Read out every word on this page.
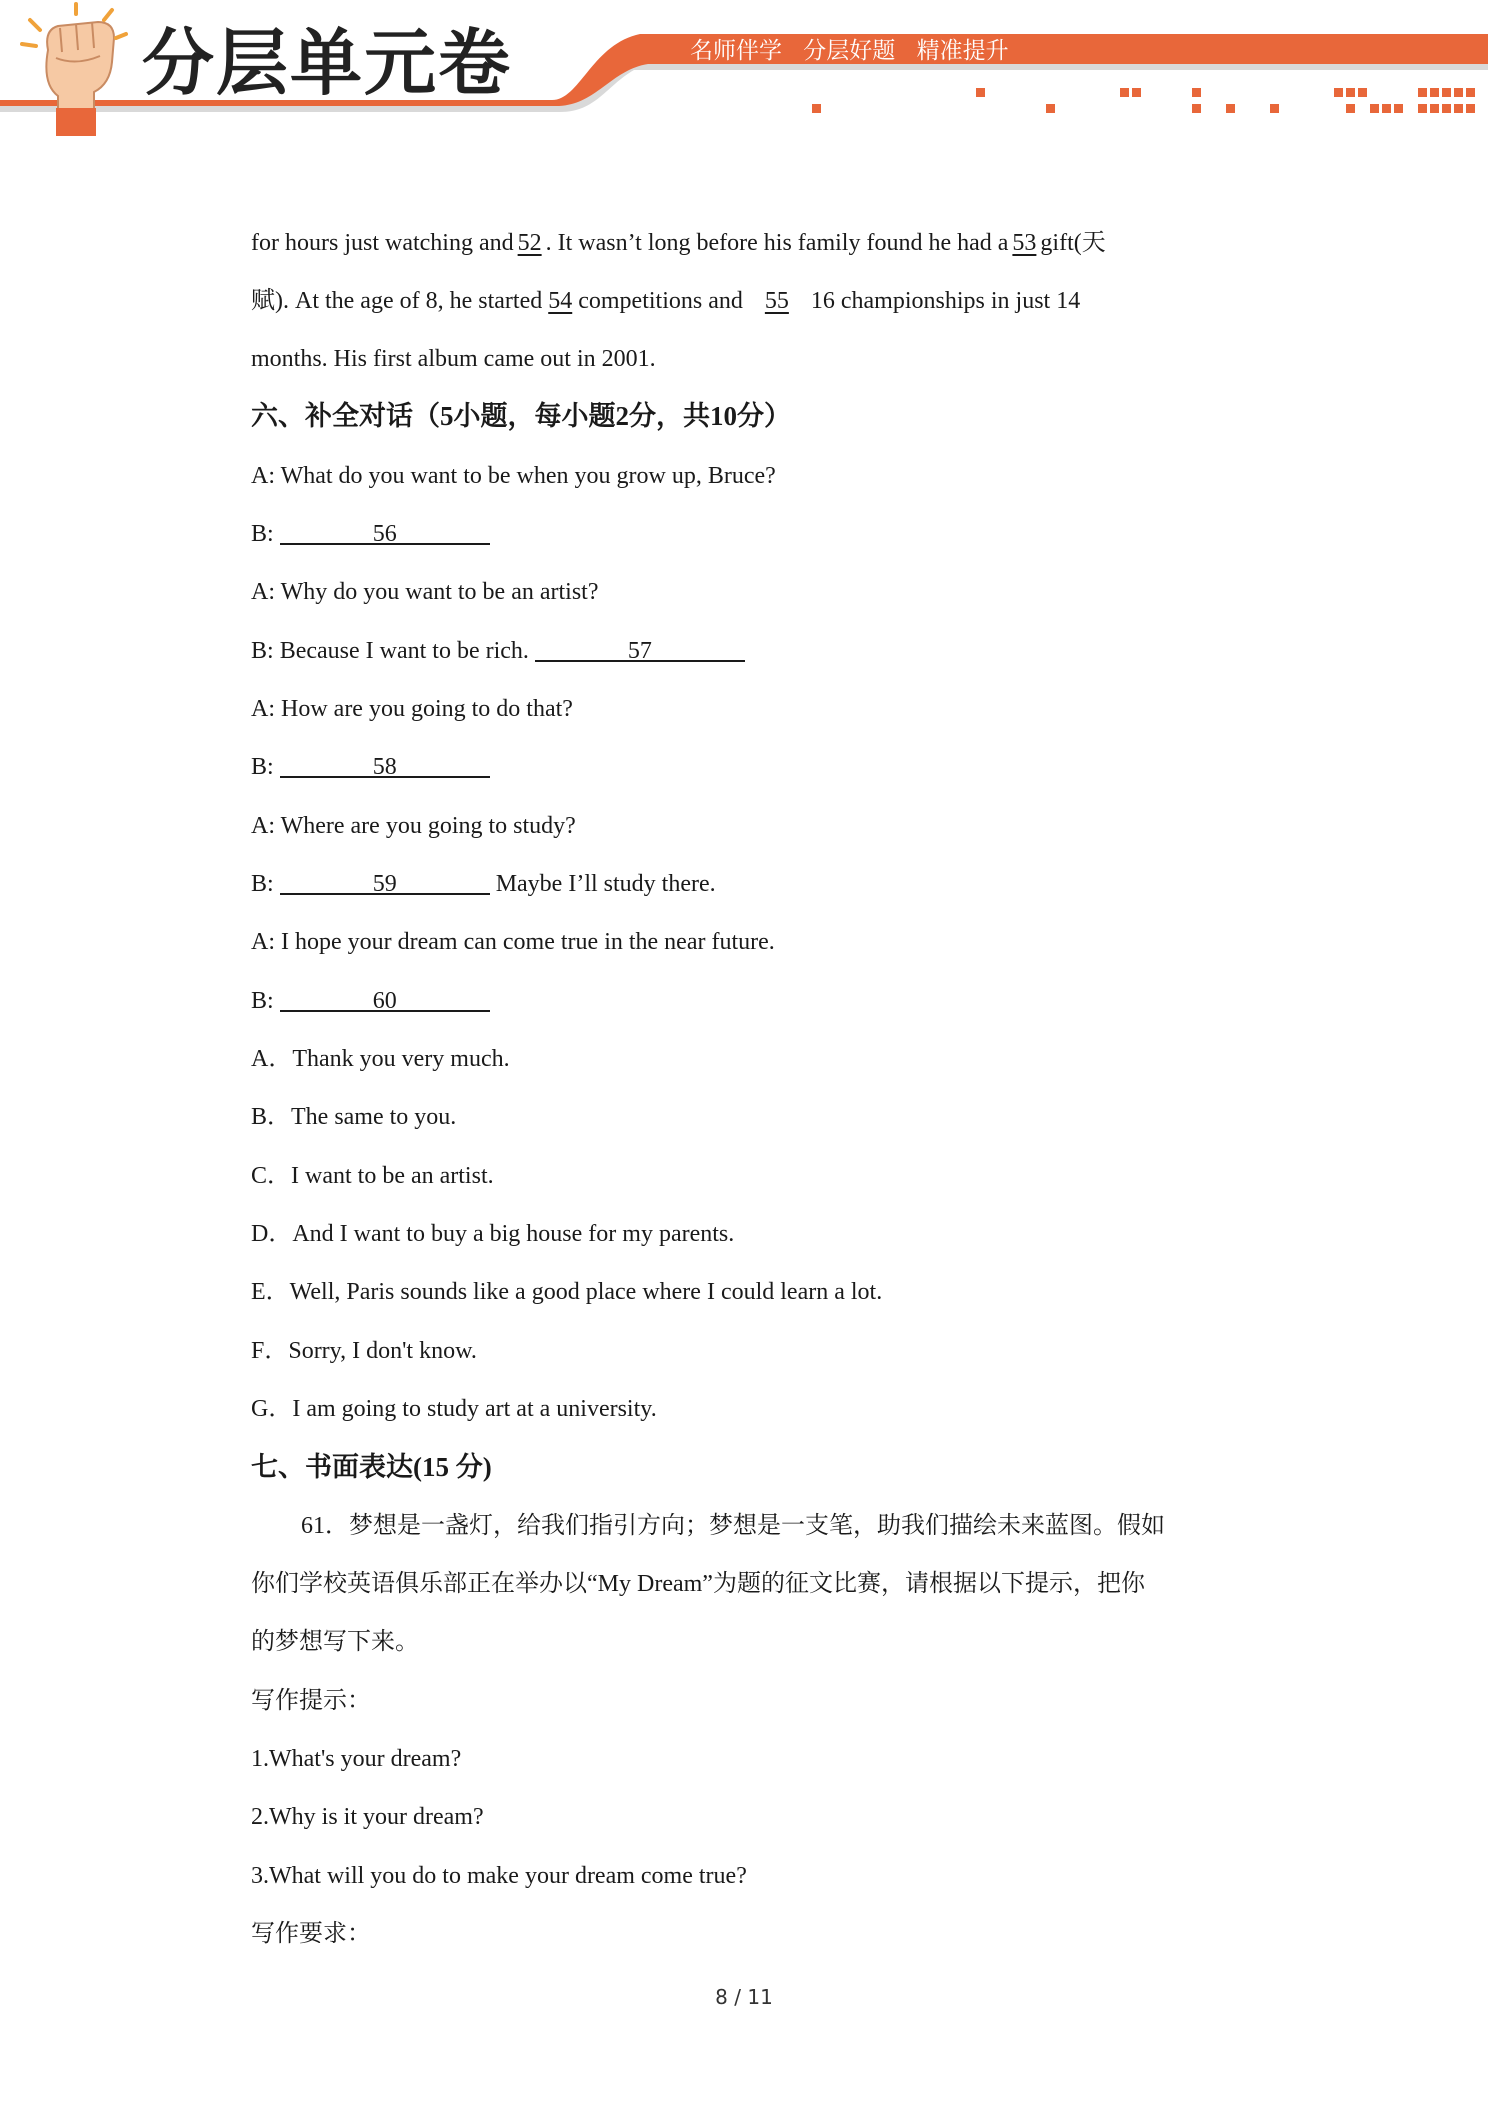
分层单元卷	名师伴学 分层好题 精准提升
for hours just watching and 52 . It wasn’t long before his family found he had a 53 gift(天
赋). At the age of 8, he started 54 competitions and 55 16 championships in just 14
months. His first album came out in 2001.
六、补全对话（5小题，每小题2分，共10分）
A: What do you want to be when you grow up, Bruce?
B:	56
A: Why do you want to be an artist?
B: Because I want to be rich.	57
A: How are you going to do that?
B:	58
A: Where are you going to study?
B:	59	Maybe I’ll study there.
A: I hope your dream can come true in the near future.
B:	60
A．Thank you very much.
B．The same to you.
C．I want to be an artist.
D．And I want to buy a big house for my parents.
E．Well, Paris sounds like a good place where I could learn a lot.
F．Sorry, I don't know.
G．I am going to study art at a university.
七、书面表达(15 分)
61．梦想是一盏灯，给我们指引方向；梦想是一支笔，助我们描绘未来蓝图。假如
你们学校英语俱乐部正在举办以“My Dream”为题的征文比赛，请根据以下提示，把你
的梦想写下来。
写作提示：
1.What's your dream?
2.Why is it your dream?
3.What will you do to make your dream come true?
写作要求：
8 / 11
